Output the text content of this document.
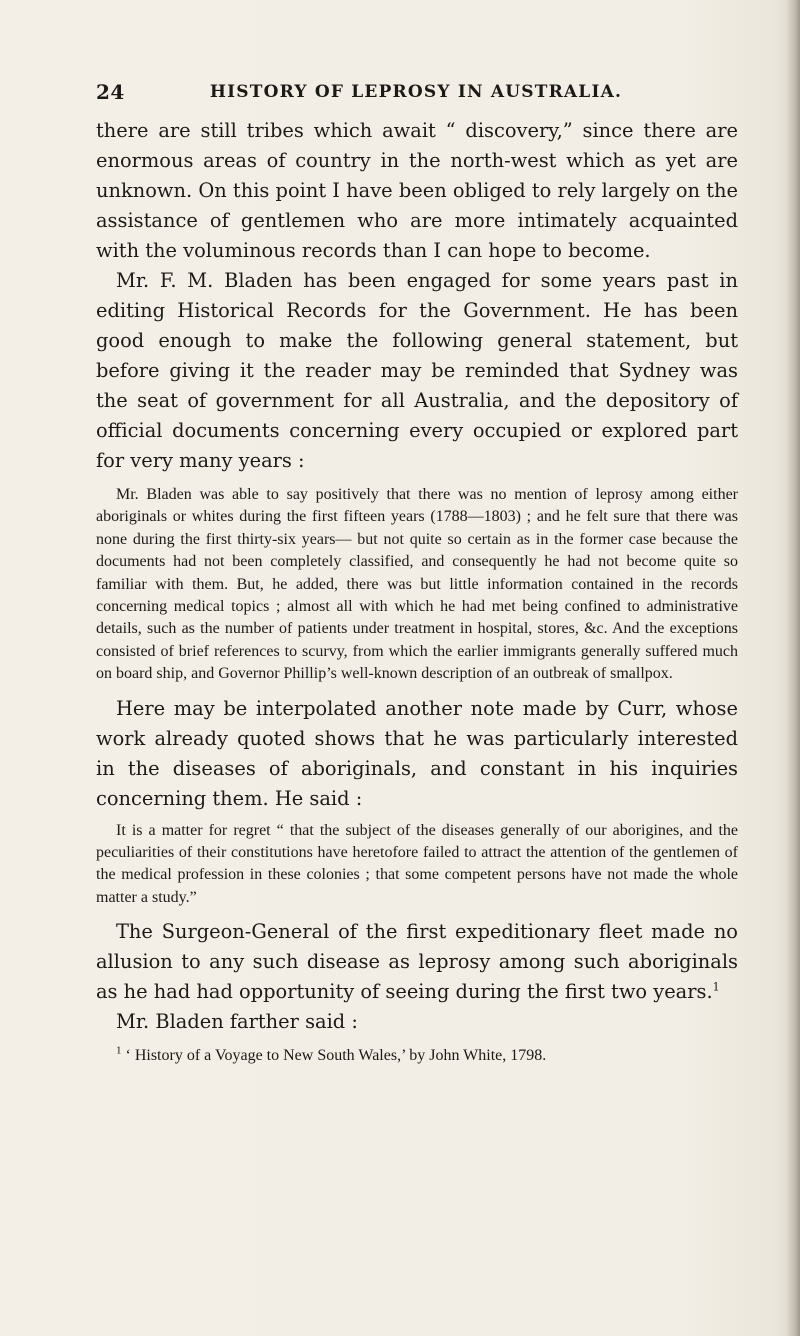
24	HISTORY OF LEPROSY IN AUSTRALIA.

there are still tribes which await “ discovery,” since there are enormous areas of country in the north-west which as yet are unknown. On this point I have been obliged to rely largely on the assistance of gentlemen who are more intimately acquainted with the voluminous records than I can hope to become.

Mr. F. M. Bladen has been engaged for some years past in editing Historical Records for the Government. He has been good enough to make the following general statement, but before giving it the reader may be reminded that Sydney was the seat of government for all Australia, and the depository of official documents concerning every occupied or explored part for very many years :

Mr. Bladen was able to say positively that there was no mention of leprosy among either aboriginals or whites during the first fifteen years (1788—1803) ; and he felt sure that there was none during the first thirty-six years— but not quite so certain as in the former case because the documents had not been completely classified, and consequently he had not become quite so familiar with them. But, he added, there was but little information contained in the records concerning medical topics ; almost all with which he had met being confined to administrative details, such as the number of patients under treatment in hospital, stores, &c. And the exceptions consisted of brief references to scurvy, from which the earlier immigrants generally suffered much on board ship, and Governor Phillip’s well-known description of an outbreak of smallpox.

Here may be interpolated another note made by Curr, whose work already quoted shows that he was particularly interested in the diseases of aboriginals, and constant in his inquiries concerning them. He said :

It is a matter for regret “ that the subject of the diseases generally of our aborigines, and the peculiarities of their constitutions have heretofore failed to attract the attention of the gentlemen of the medical profession in these colonies ; that some competent persons have not made the whole matter a study.”

The Surgeon-General of the first expeditionary fleet made no allusion to any such disease as leprosy among such aboriginals as he had had opportunity of seeing during the first two years.$^1$

Mr. Bladen farther said :

$^1$ ‘ History of a Voyage to New South Wales,’ by John White, 1798.
